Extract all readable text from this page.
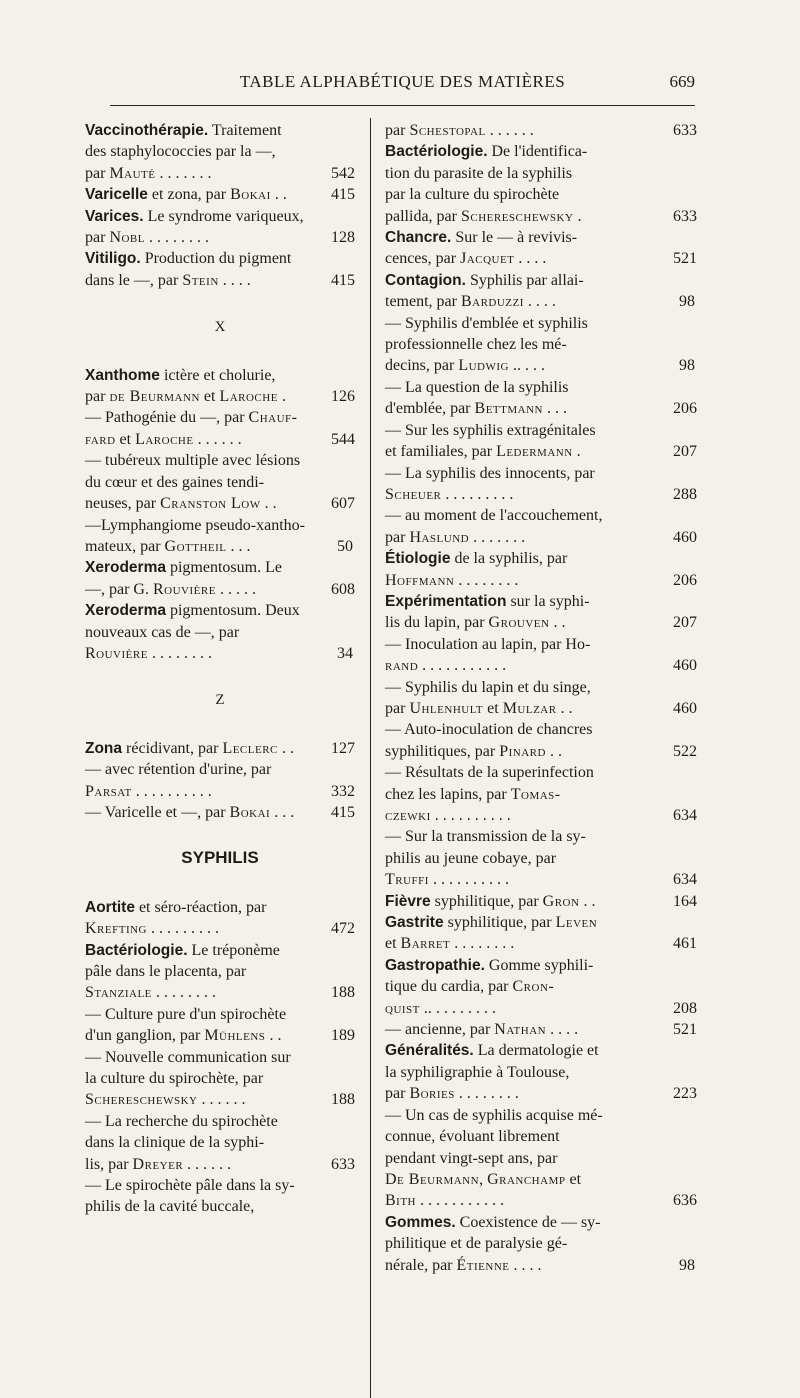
TABLE ALPHABÉTIQUE DES MATIÈRES	669
Vaccinothérapie. Traitement
des staphylococcies par la —,
par Mauté . . . . . . .	542
Varicelle et zona, par Bokai . .	415
Varices. Le syndrome variqueux,
par Nobl . . . . . . . .	128
Vitiligo. Production du pigment
dans le —, par Stein . . . .	415
X
Xanthome ictère et cholurie,
par de Beurmann et Laroche .	126
— Pathogénie du —, par Chauf-
fard et Laroche . . . . . .	544
— tubéreux multiple avec lésions
du cœur et des gaines tendi-
neuses, par Cranston Low . .	607
—Lymphangiome pseudo-xantho-
mateux, par Gottheil . . .	50
Xeroderma pigmentosum. Le
—, par G. Rouvière . . . . .	608
Xeroderma pigmentosum. Deux
nouveaux cas de —, par
Rouvière . . . . . . . .	34
Z
Zona récidivant, par Leclerc . . 127
— avec rétention d'urine, par
Parsat . . . . . . . . . .	332
— Varicelle et —, par Bokai . . . 415
SYPHILIS
Aortite et séro-réaction, par
Krefting . . . . . . . . .	472
Bactériologie. Le tréponème
pâle dans le placenta, par
Stanziale . . . . . . . .	188
— Culture pure d'un spirochète
d'un ganglion, par Mühlens . .	189
— Nouvelle communication sur
la culture du spirochète, par
Schereschewsky . . . . . .	188
— La recherche du spirochète
dans la clinique de la syphi-
lis, par Dreyer . . . . . .	633
— Le spirochète pâle dans la sy-
philis de la cavité buccale,
par Schestopal . . . . . .	633
Bactériologie. De l'identifica-
tion du parasite de la syphilis
par la culture du spirochète
pallida, par Schereschewsky .	633
Chancre. Sur le — à revivis-
cences, par Jacquet . . . .	521
Contagion. Syphilis par allai-
tement, par Barduzzi . . . .	98
— Syphilis d'emblée et syphilis
professionnelle chez les mé-
decins, par Ludwig .. . . .	98
— La question de la syphilis
d'emblée, par Bettmann . . .	206
— Sur les syphilis extragénitales
et familiales, par Ledermann .	207
— La syphilis des innocents, par
Scheuer . . . . . . . . .	288
— au moment de l'accouchement,
par Haslund . . . . . . .	460
Étiologie de la syphilis, par
Hoffmann . . . . . . . .	206
Expérimentation sur la syphi-
lis du lapin, par Grouven . .	207
— Inoculation au lapin, par Ho-
rand . . . . . . . . . . .	460
— Syphilis du lapin et du singe,
par Uhlenhult et Mulzar . .	460
— Auto-inoculation de chancres
syphilitiques, par Pinard . .	522
— Résultats de la superinfection
chez les lapins, par Tomas-
czewki . . . . . . . . . .	634
— Sur la transmission de la sy-
philis au jeune cobaye, par
Truffi . . . . . . . . . .	634
Fièvre syphilitique, par Gron . .	164
Gastrite syphilitique, par Leven
et Barret . . . . . . . .	461
Gastropathie. Gomme syphili-
tique du cardia, par Cron-
quist .. . . . . . . . .	208
— ancienne, par Nathan . . . .	521
Généralités. La dermatologie et
la syphiligraphie à Toulouse,
par Bories . . . . . . . .	223
— Un cas de syphilis acquise mé-
connue, évoluant librement
pendant vingt-sept ans, par
De Beurmann, Granchamp et
Bith . . . . . . . . . . .	636
Gommes. Coexistence de — sy-
philitique et de paralysie gé-
nérale, par Étienne . . . .	98
